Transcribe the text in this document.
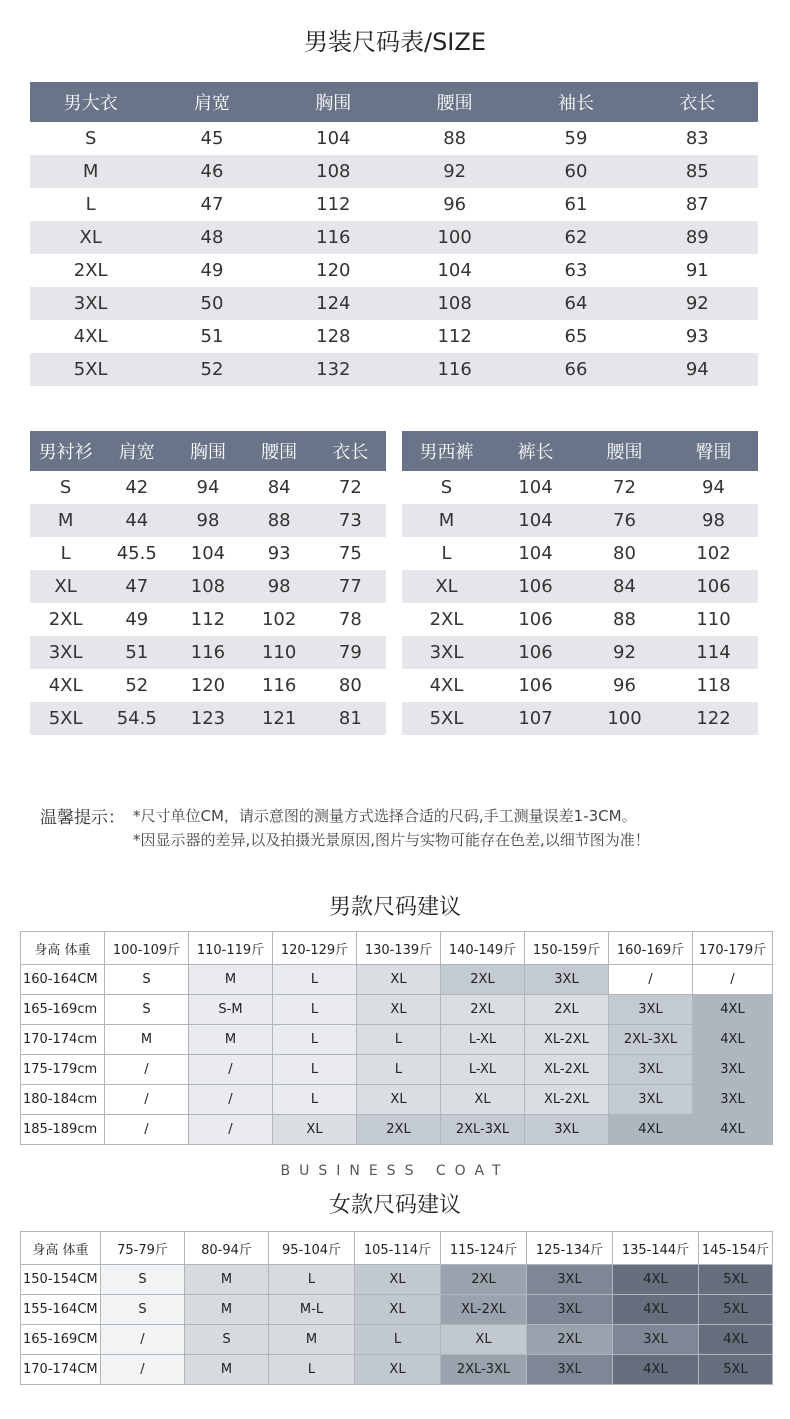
男装尺码表/SIZE
男大衣	肩宽	胸围	腰围	袖长	衣长
S	45	104	88	59	83
M	46	108	92	60	85
L	47	112	96	61	87
XL	48	116	100	62	89
2XL	49	120	104	63	91
3XL	50	124	108	64	92
4XL	51	128	112	65	93
5XL	52	132	116	66	94
男衬衫	肩宽	胸围	腰围	衣长
S	42	94	84	72
M	44	98	88	73
L	45.5	104	93	75
XL	47	108	98	77
2XL	49	112	102	78
3XL	51	116	110	79
4XL	52	120	116	80
5XL	54.5	123	121	81
男西裤	裤长	腰围	臀围
S	104	72	94
M	104	76	98
L	104	80	102
XL	106	84	106
2XL	106	88	110
3XL	106	92	114
4XL	106	96	118
5XL	107	100	122
温馨提示： *尺寸单位CM，请示意图的测量方式选择合适的尺码,手工测量误差1-3CM。
*因显示器的差异,以及拍摄光景原因,图片与实物可能存在色差,以细节图为准！
男款尺码建议
身高 体重	100-109斤	110-119斤	120-129斤	130-139斤	140-149斤	150-159斤	160-169斤	170-179斤
160-164CM	S	M	L	XL	2XL	3XL	/	/
165-169cm	S	S-M	L	XL	2XL	2XL	3XL	4XL
170-174cm	M	M	L	L	L-XL	XL-2XL	2XL-3XL	4XL
175-179cm	/	/	L	L	L-XL	XL-2XL	3XL	3XL
180-184cm	/	/	L	XL	XL	XL-2XL	3XL	3XL
185-189cm	/	/	XL	2XL	2XL-3XL	3XL	4XL	4XL
BUSINESS COAT
女款尺码建议
身高 体重	75-79斤	80-94斤	95-104斤	105-114斤	115-124斤	125-134斤	135-144斤	145-154斤
150-154CM	S	M	L	XL	2XL	3XL	4XL	5XL
155-164CM	S	M	M-L	XL	XL-2XL	3XL	4XL	5XL
165-169CM	/	S	M	L	XL	2XL	3XL	4XL
170-174CM	/	M	L	XL	2XL-3XL	3XL	4XL	5XL
